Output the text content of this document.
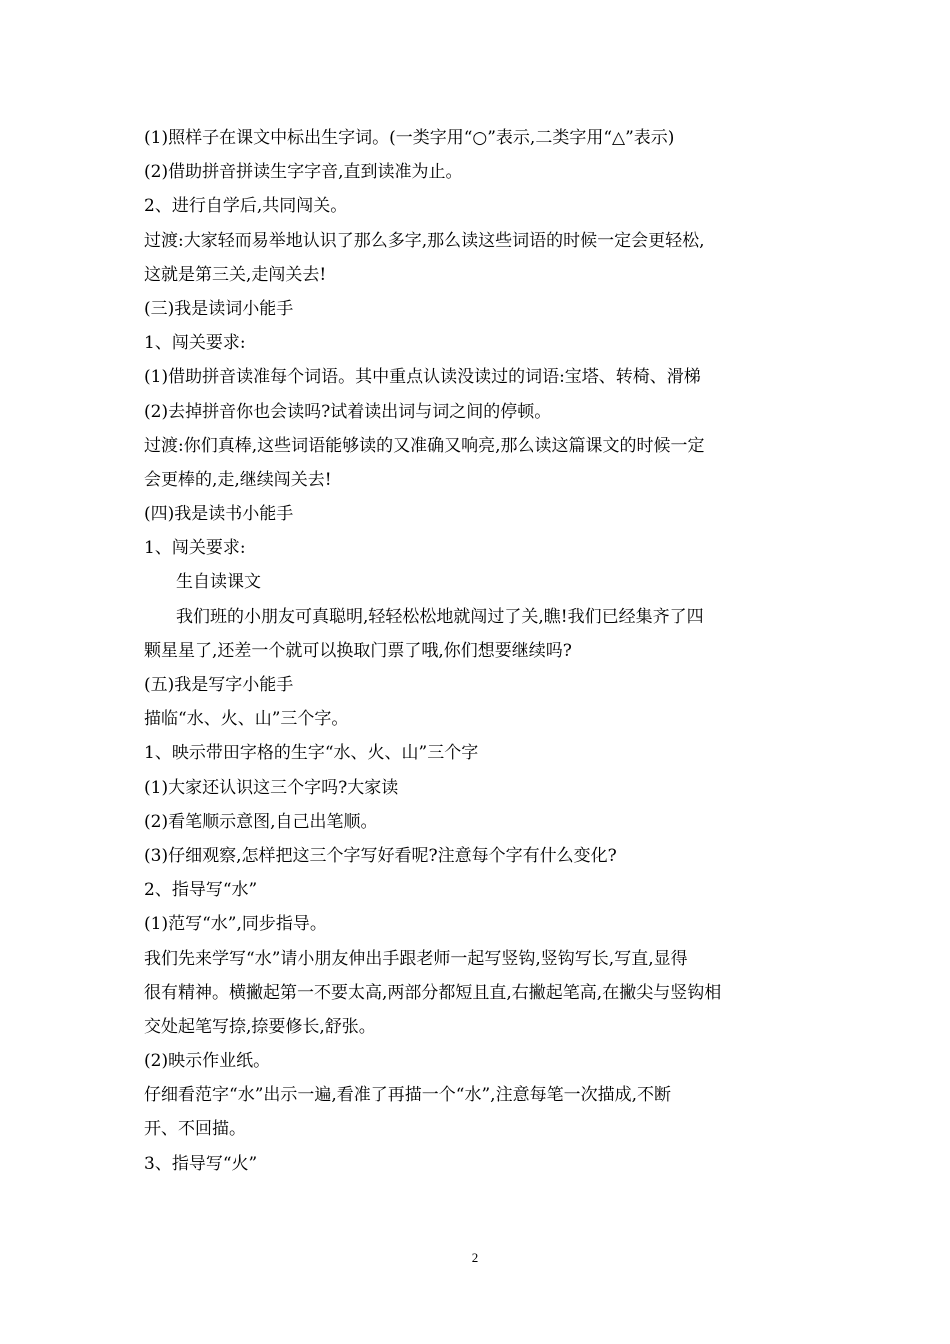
(1)照样子在课文中标出生字词。(一类字用“○”表示,二类字用“△”表示)
(2)借助拼音拼读生字字音,直到读准为止。
2、进行自学后,共同闯关。
过渡:大家轻而易举地认识了那么多字,那么读这些词语的时候一定会更轻松,
这就是第三关,走闯关去!
(三)我是读词小能手
1、闯关要求:
(1)借助拼音读准每个词语。其中重点认读没读过的词语:宝塔、转椅、滑梯
(2)去掉拼音你也会读吗?试着读出词与词之间的停顿。
过渡:你们真棒,这些词语能够读的又准确又响亮,那么读这篇课文的时候一定
会更棒的,走,继续闯关去!
(四)我是读书小能手
1、闯关要求:
生自读课文
我们班的小朋友可真聪明,轻轻松松地就闯过了关,瞧!我们已经集齐了四
颗星星了,还差一个就可以换取门票了哦,你们想要继续吗?
(五)我是写字小能手
描临“水、火、山”三个字。
1、映示带田字格的生字“水、火、山”三个字
(1)大家还认识这三个字吗?大家读
(2)看笔顺示意图,自己出笔顺。
(3)仔细观察,怎样把这三个字写好看呢?注意每个字有什么变化?
2、指导写“水”
(1)范写“水”,同步指导。
我们先来学写“水”请小朋友伸出手跟老师一起写竖钩,竖钩写长,写直,显得
很有精神。横撇起第一不要太高,两部分都短且直,右撇起笔高,在撇尖与竖钩相
交处起笔写捺,捺要修长,舒张。
(2)映示作业纸。
仔细看范字“水”出示一遍,看准了再描一个“水”,注意每笔一次描成,不断
开、不回描。
3、指导写“火”
2
